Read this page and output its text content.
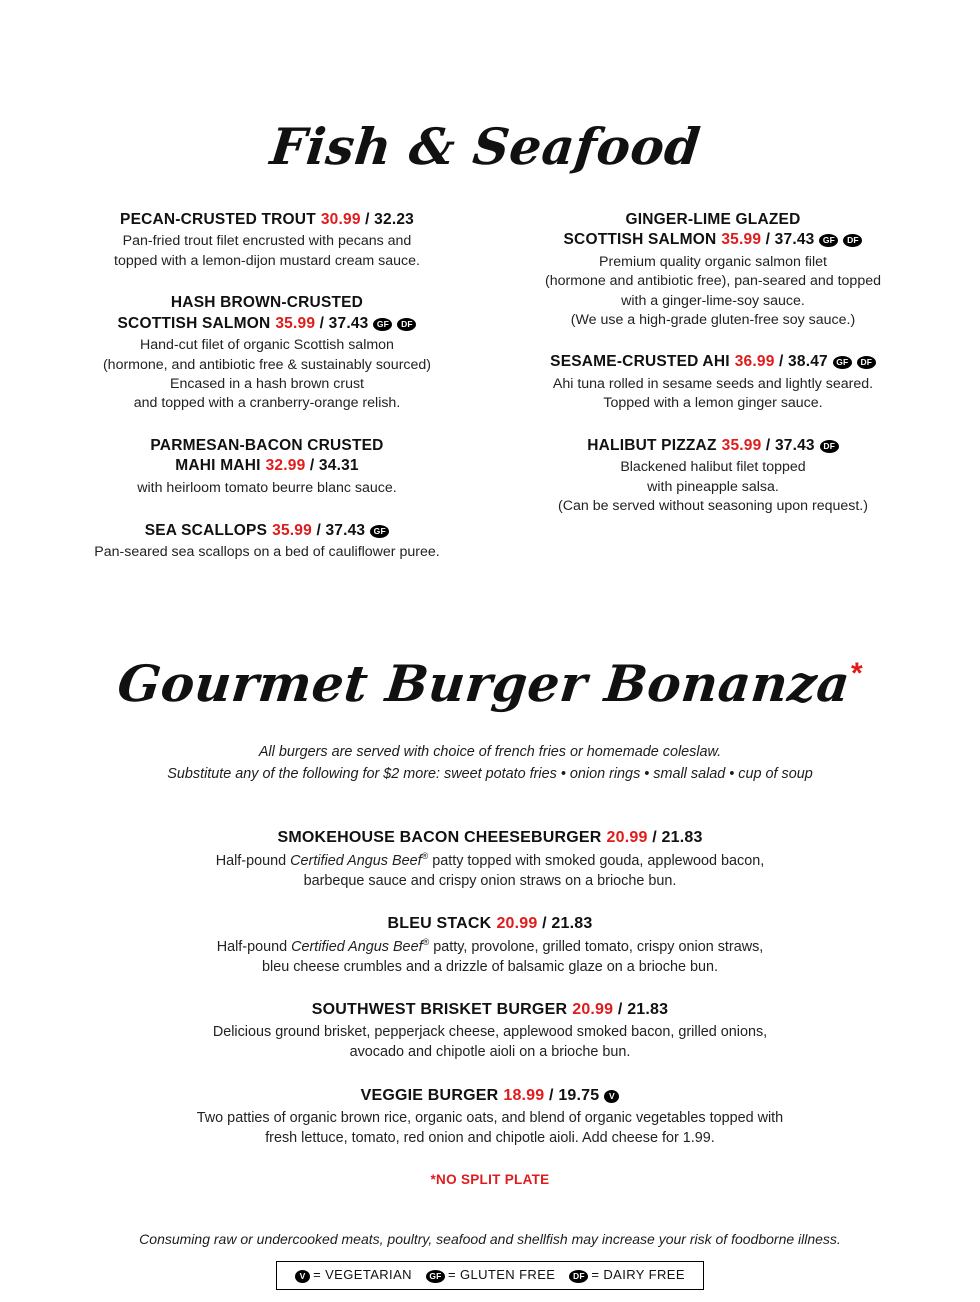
Fish & Seafood
PECAN-CRUSTED TROUT 30.99 / 32.23
Pan-fried trout filet encrusted with pecans and
topped with a lemon-dijon mustard cream sauce.
HASH BROWN-CRUSTED
SCOTTISH SALMON 35.99 / 37.43 GF DF
Hand-cut filet of organic Scottish salmon
(hormone, and antibiotic free & sustainably sourced)
Encased in a hash brown crust
and topped with a cranberry-orange relish.
PARMESAN-BACON CRUSTED
MAHI MAHI 32.99 / 34.31
with heirloom tomato beurre blanc sauce.
SEA SCALLOPS 35.99 / 37.43 GF
Pan-seared sea scallops on a bed of cauliflower puree.
GINGER-LIME GLAZED
SCOTTISH SALMON 35.99 / 37.43 GF DF
Premium quality organic salmon filet
(hormone and antibiotic free), pan-seared and topped
with a ginger-lime-soy sauce.
(We use a high-grade gluten-free soy sauce.)
SESAME-CRUSTED AHI 36.99 / 38.47 GF DF
Ahi tuna rolled in sesame seeds and lightly seared.
Topped with a lemon ginger sauce.
HALIBUT PIZZAZ 35.99 / 37.43 DF
Blackened halibut filet topped
with pineapple salsa.
(Can be served without seasoning upon request.)
Gourmet Burger Bonanza*
All burgers are served with choice of french fries or homemade coleslaw.
Substitute any of the following for $2 more: sweet potato fries • onion rings • small salad • cup of soup
SMOKEHOUSE BACON CHEESEBURGER 20.99 / 21.83
Half-pound Certified Angus Beef® patty topped with smoked gouda, applewood bacon,
barbeque sauce and crispy onion straws on a brioche bun.
BLEU STACK 20.99 / 21.83
Half-pound Certified Angus Beef® patty, provolone, grilled tomato, crispy onion straws,
bleu cheese crumbles and a drizzle of balsamic glaze on a brioche bun.
SOUTHWEST BRISKET BURGER 20.99 / 21.83
Delicious ground brisket, pepperjack cheese, applewood smoked bacon, grilled onions,
avocado and chipotle aioli on a brioche bun.
VEGGIE BURGER 18.99 / 19.75 V
Two patties of organic brown rice, organic oats, and blend of organic vegetables topped with
fresh lettuce, tomato, red onion and chipotle aioli. Add cheese for 1.99.
*NO SPLIT PLATE
Consuming raw or undercooked meats, poultry, seafood and shellfish may increase your risk of foodborne illness.
V = VEGETARIAN GF = GLUTEN FREE DF = DAIRY FREE
